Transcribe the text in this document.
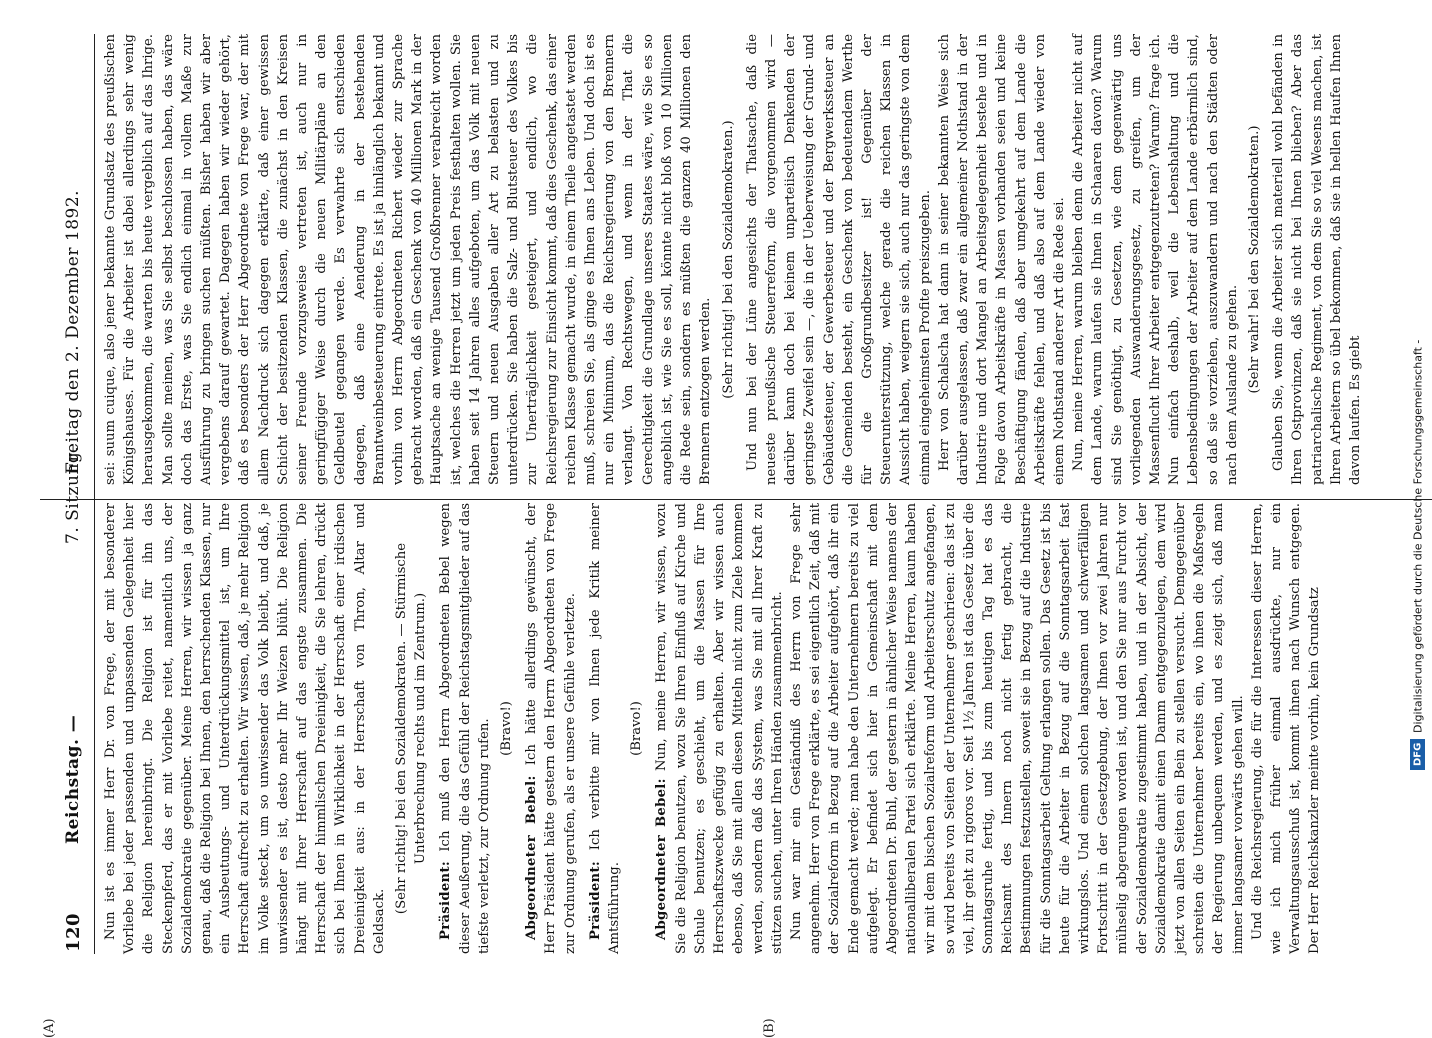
120
Reichstag. —
7. Sitzung.
Freitag den 2. Dezember 1892.
(A)	(B)

Nun ist es immer Herr Dr. von Frege, der mit besonderer Vorliebe bei jeder passenden und unpassenden Gelegenheit hier die Religion hereinbringt. Die Religion ist für ihn das Steckenpferd, das er mit Vorliebe reitet, namentlich uns, der Sozialdemokratie gegenüber. Meine Herren, wir wissen ja ganz genau, daß die Religion bei Ihnen, den herrschenden Klassen, nur ein Ausbeutungs- und Unterdrückungsmittel ist, um Ihre Herrschaft aufrecht zu erhalten. Wir wissen, daß, je mehr Religion im Volke steckt, um so unwissender das Volk bleibt, und daß, je unwissender es ist, desto mehr Ihr Weizen blüht. Die Religion hängt mit Ihrer Herrschaft auf das engste zusammen. Die Herrschaft der himmlischen Dreieinigkeit, die Sie lehren, drückt sich bei Ihnen in Wirklichkeit in der Herrschaft einer irdischen Dreieinigkeit aus: in der Herrschaft von Thron, Altar und Geldsack.

(Sehr richtig! bei den Sozialdemokraten. — Stürmische Unterbrechung rechts und im Zentrum.)

Präsident: Ich muß den Herrn Abgeordneten Bebel wegen dieser Aeußerung, die das Gefühl der Reichstagsmitglieder auf das tiefste verletzt, zur Ordnung rufen. (Bravo!)

Abgeordneter Bebel: Ich hätte allerdings gewünscht, der Herr Präsident hätte gestern den Herrn Abgeordneten von Frege zur Ordnung gerufen, als er unsere Gefühle verletzte. Präsident: Ich verbitte mir von Ihnen jede Kritik meiner Amtsführung.

(Bravo!)

Abgeordneter Bebel: Nun, meine Herren, wir wissen, wozu Sie die Religion benutzen, wozu Sie Ihren Einfluß auf Kirche und Schule benutzen; es geschieht, um die Massen für Ihre Herrschaftszwecke gefügig zu erhalten. Aber wir wissen auch ebenso, daß Sie mit allen diesen Mitteln nicht zum Ziele kommen werden, sondern daß das System, was Sie mit all Ihrer Kraft zu stützen suchen, unter Ihren Händen zusammenbricht. Nun war mir ein Geständniß des Herrn von Frege sehr angenehm. Herr von Frege erklärte, es sei eigentlich Zeit, daß mit der Sozialreform in Bezug auf die Arbeiter aufgehört, daß ihr ein Ende gemacht werde; man habe den Unternehmern bereits zu viel aufgelegt. Er befindet sich hier in Gemeinschaft mit dem Abgeordneten Dr. Buhl, der gestern in ähnlicher Weise namens der nationalliberalen Partei sich erklärte. Meine Herren, kaum haben wir mit dem bischen Sozialreform und Arbeiterschutz angefangen, so wird bereits von Seiten der Unternehmer geschrieen: das ist zu viel, ihr geht zu rigoros vor. Seit 1½ Jahren ist das Gesetz über die Sonntagsruhe fertig, und bis zum heutigen Tag hat es das Reichsamt des Innern noch nicht fertig gebracht, die Bestimmungen festzustellen, soweit sie in Bezug auf die Industrie für die Sonntagsarbeit Geltung erlangen sollen. Das Gesetz ist bis heute für die Arbeiter in Bezug auf die Sonntagsarbeit fast wirkungslos. Und einem solchen langsamen und schwerfälligen Fortschritt in der Gesetzgebung, der Ihnen vor zwei Jahren nur mühselig abgerungen worden ist, und den Sie nur aus Furcht vor der Sozialdemokratie zugestimmt haben, und in der Absicht, der Sozialdemokratie damit einen Damm entgegenzulegen, dem wird jetzt von allen Seiten ein Bein zu stellen versucht. Demgegenüber schreiten die Unternehmer bereits ein, wo ihnen die Maßregeln der Regierung unbequem werden, und es zeigt sich, daß man immer langsamer vorwärts gehen will. Und die Reichsregierung, die für die Interessen dieser Herren, wie ich mich früher einmal ausdrückte, nur ein Verwaltungsausschuß ist, kommt ihnen nach Wunsch entgegen. Der Herr Reichskanzler meinte vorhin, kein Grundsatz

sei: suum cuique, also jener bekannte Grundsatz des preußischen Königshauses. Für die Arbeiter ist dabei allerdings sehr wenig herausgekommen, die warten bis heute vergeblich auf das Ihrige. Man sollte meinen, was Sie selbst beschlossen haben, das wäre doch das Erste, was Sie endlich einmal in vollem Maße zur Ausführung zu bringen suchen müßten. Bisher haben wir aber vergebens darauf gewartet. Dagegen haben wir wieder gehört, daß es besonders der Herr Abgeordnete von Frege war, der mit allem Nachdruck sich dagegen erklärte, daß einer gewissen Schicht der besitzenden Klassen, die zunächst in den Kreisen seiner Freunde vorzugsweise vertreten ist, auch nur in geringfügiger Weise durch die neuen Militärpläne an den Geldbeutel gegangen werde. Es verwahrte sich entschieden dagegen, daß eine Aenderung in der bestehenden Branntweinbesteuerung eintrete. Es ist ja hinlänglich bekannt und vorhin von Herrn Abgeordneten Richert wieder zur Sprache gebracht worden, daß ein Geschenk von 40 Millionen Mark in der Hauptsache an wenige Tausend Großbrenner verabreicht worden ist, welches die Herren jetzt um jeden Preis festhalten wollen. Sie haben seit 14 Jahren alles aufgeboten, um das Volk mit neuen Steuern und neuen Ausgaben aller Art zu belasten und zu unterdrücken. Sie haben die Salz- und Blutsteuer des Volkes bis zur Unerträglichkeit gesteigert, und endlich, wo die Reichsregierung zur Einsicht kommt, daß dies Geschenk, das einer reichen Klasse gemacht wurde, in einem Theile angetastet werden muß, schreien Sie, als ginge es Ihnen ans Leben. Und doch ist es nur ein Minimum, das die Reichsregierung von den Brennern verlangt. Von Rechtswegen, und wenn in der That die Gerechtigkeit die Grundlage unseres Staates wäre, wie Sie es so angeblich ist, wie Sie es soll, könnte nicht bloß von 10 Millionen die Rede sein, sondern es müßten die ganzen 40 Millionen den Brennern entzogen werden. (Sehr richtig! bei den Sozialdemokraten.) Und nun bei der Lüne angesichts der Thatsache, daß die neueste preußische Steuerreform, die vorgenommen wird — darüber kann doch bei keinem unparteiisch Denkenden der geringste Zweifel sein —, die in der Ueberweisung der Grund- und Gebäudesteuer, der Gewerbesteuer und der Bergwerkssteuer an die Gemeinden besteht, ein Geschenk von bedeutendem Werthe für die Großgrundbesitzer ist! Gegenüber der Steuerunterstützung, welche gerade die reichen Klassen in Aussicht haben, weigern sie sich, auch nur das geringste von dem einmal eingeheimsten Profite preiszugeben. Herr von Schalscha hat dann in seiner bekannten Weise sich darüber ausgelassen, daß zwar ein allgemeiner Nothstand in der Industrie und dort Mangel an Arbeitsgelegenheit bestehe und in Folge davon Arbeitskräfte in Massen vorhanden seien und keine Beschäftigung fänden, daß aber umgekehrt auf dem Lande die Arbeitskräfte fehlen, und daß also auf dem Lande wieder von einem Nothstand anderer Art die Rede sei. Nun, meine Herren, warum bleiben denn die Arbeiter nicht auf dem Lande, warum laufen sie Ihnen in Schaaren davon? Warum sind Sie genöthigt, zu Gesetzen, wie dem gegenwärtig uns vorliegenden Auswanderungsgesetz, zu greifen, um der Massenflucht Ihrer Arbeiter entgegenzutreten? Warum? frage ich. Nun einfach deshalb, weil die Lebenshaltung und die Lebensbedingungen der Arbeiter auf dem Lande erbärmlich sind, so daß sie vorziehen, auszuwandern und nach den Städten oder nach dem Auslande zu gehen. (Sehr wahr! bei den Sozialdemokraten.) Glauben Sie, wenn die Arbeiter sich materiell wohl befänden in Ihren Ostprovinzen, daß sie nicht bei Ihnen blieben? Aber das patriarchalische Regiment, von dem Sie so viel Wesens machen, ist Ihren Arbeitern so übel bekommen, daß sie in hellen Haufen Ihnen davon laufen. Es giebt

DFG
Digitalisierung gefördert durch die Deutsche Forschungsgemeinschaft -
